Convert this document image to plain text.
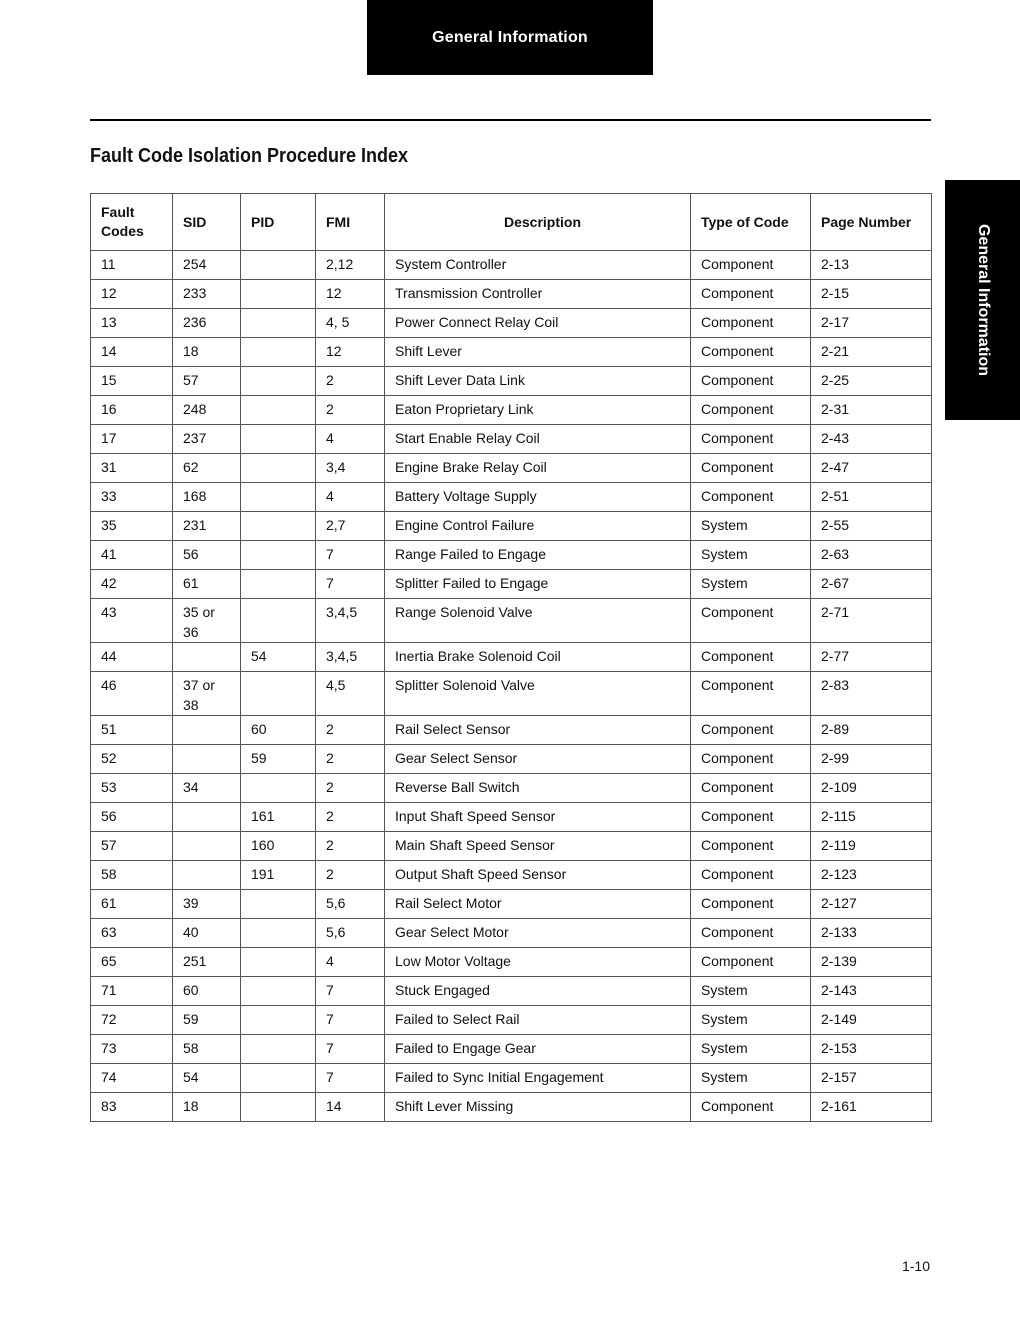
General Information
Fault Code Isolation Procedure Index
General Information
Fault Codes	SID	PID	FMI	Description	Type of Code	Page Number
11	254		2,12	System Controller	Component	2-13
12	233		12	Transmission Controller	Component	2-15
13	236		4, 5	Power Connect Relay Coil	Component	2-17
14	18		12	Shift Lever	Component	2-21
15	57		2	Shift Lever Data Link	Component	2-25
16	248		2	Eaton Proprietary Link	Component	2-31
17	237		4	Start Enable Relay Coil	Component	2-43
31	62		3,4	Engine Brake Relay Coil	Component	2-47
33	168		4	Battery Voltage Supply	Component	2-51
35	231		2,7	Engine Control Failure	System	2-55
41	56		7	Range Failed to Engage	System	2-63
42	61		7	Splitter Failed to Engage	System	2-67
43	35 or 36		3,4,5	Range Solenoid Valve	Component	2-71
44		54	3,4,5	Inertia Brake Solenoid Coil	Component	2-77
46	37 or 38		4,5	Splitter Solenoid Valve	Component	2-83
51		60	2	Rail Select Sensor	Component	2-89
52		59	2	Gear Select Sensor	Component	2-99
53	34		2	Reverse Ball Switch	Component	2-109
56		161	2	Input Shaft Speed Sensor	Component	2-115
57		160	2	Main Shaft Speed Sensor	Component	2-119
58		191	2	Output Shaft Speed Sensor	Component	2-123
61	39		5,6	Rail Select Motor	Component	2-127
63	40		5,6	Gear Select Motor	Component	2-133
65	251		4	Low Motor Voltage	Component	2-139
71	60		7	Stuck Engaged	System	2-143
72	59		7	Failed to Select Rail	System	2-149
73	58		7	Failed to Engage Gear	System	2-153
74	54		7	Failed to Sync Initial Engagement	System	2-157
83	18		14	Shift Lever Missing	Component	2-161
1-10
